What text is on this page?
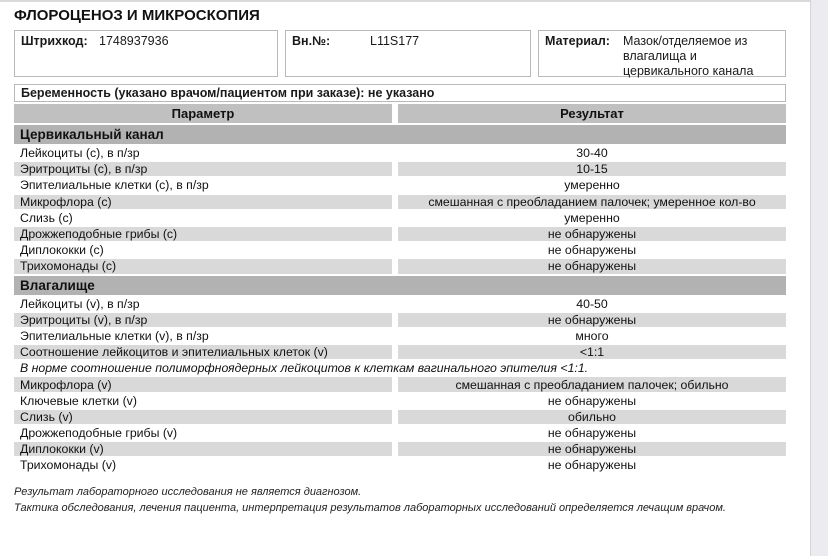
ФЛОРОЦЕНОЗ И МИКРОСКОПИЯ
Штрихкод: 1748937936	Вн.№:	L11S177	Материал:	Мазок/отделяемое из влагалища и цервикального канала
Беременность (указано врачом/пациентом при заказе): не указано
Параметр	Результат
Цервикальный канал
Лейкоциты (с), в п/зр	30-40
Эритроциты (с), в п/зр	10-15
Эпителиальные клетки (с), в п/зр	умеренно
Микрофлора (с)	смешанная с преобладанием палочек; умеренное кол-во
Слизь (с)	умеренно
Дрожжеподобные грибы (с)	не обнаружены
Диплококки (с)	не обнаружены
Трихомонады (с)	не обнаружены
Влагалище
Лейкоциты (v), в п/зр	40-50
Эритроциты (v), в п/зр	не обнаружены
Эпителиальные клетки (v), в п/зр	много
Соотношение лейкоцитов и эпителиальных клеток (v)	<1:1
В норме соотношение полиморфноядерных лейкоцитов к клеткам вагинального эпителия <1:1.
Микрофлора (v)	смешанная с преобладанием палочек; обильно
Ключевые клетки (v)	не обнаружены
Слизь (v)	обильно
Дрожжеподобные грибы (v)	не обнаружены
Диплококки (v)	не обнаружены
Трихомонады (v)	не обнаружены
Результат лабораторного исследования не является диагнозом.
Тактика обследования, лечения пациента, интерпретация результатов лабораторных исследований определяется лечащим врачом.
